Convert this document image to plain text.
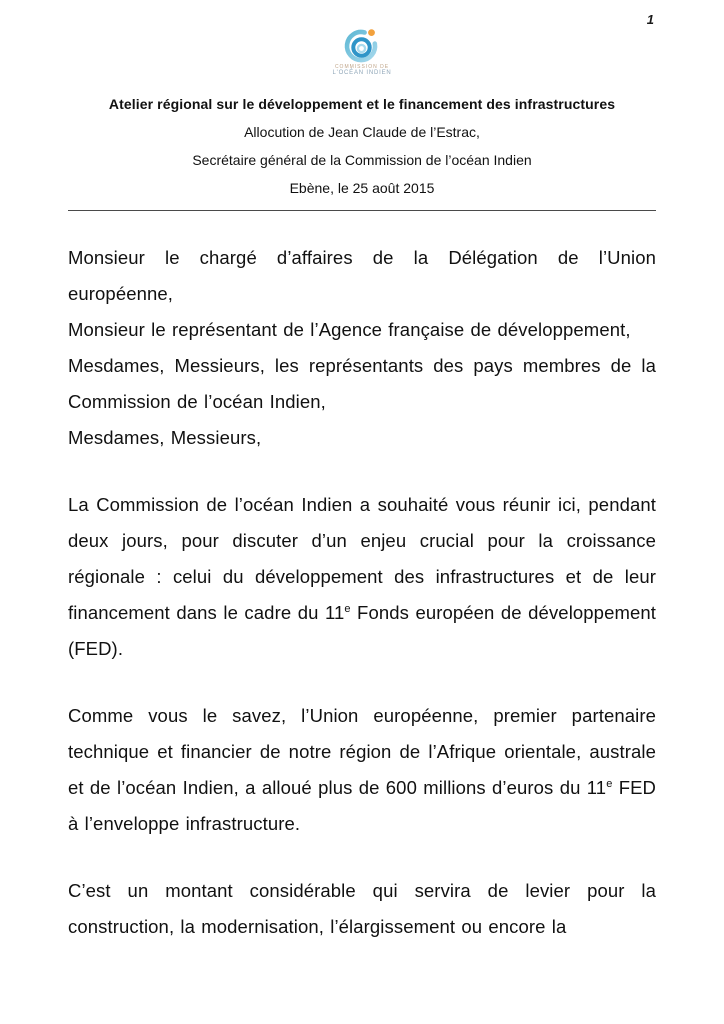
1
COMMISSION DE
L'OCÉAN INDIEN
Atelier régional sur le développement et le financement des infrastructures
Allocution de Jean Claude de l’Estrac,
Secrétaire général de la Commission de l’océan Indien
Ebène, le 25 août 2015

Monsieur le chargé d’affaires de la Délégation de l’Union européenne,

Monsieur le représentant de l’Agence française de développement,

Mesdames, Messieurs, les représentants des pays membres de la Commission de l’océan Indien,

Mesdames, Messieurs,

La Commission de l’océan Indien a souhaité vous réunir ici, pendant deux jours, pour discuter d’un enjeu crucial pour la croissance régionale : celui du développement des infrastructures et de leur financement dans le cadre du 11e Fonds européen de développement (FED).

Comme vous le savez, l’Union européenne, premier partenaire technique et financier de notre région de l’Afrique orientale, australe et de l’océan Indien, a alloué plus de 600 millions d’euros du 11e FED à l’enveloppe infrastructure.

C’est un montant considérable qui servira de levier pour la construction, la modernisation, l’élargissement ou encore la
